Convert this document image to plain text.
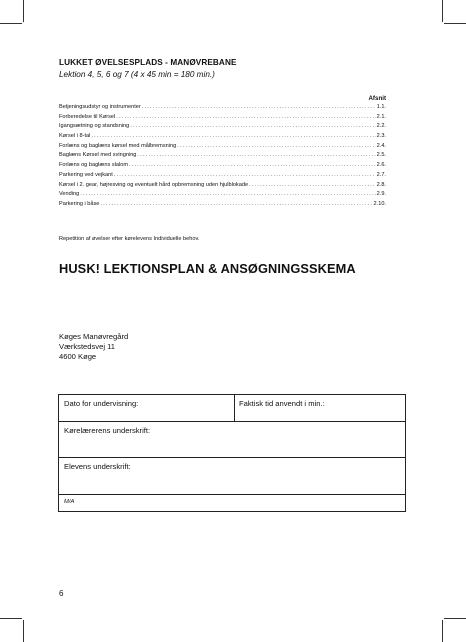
LUKKET ØVELSESPLADS - MANØVREBANE
Lektion 4, 5, 6 og 7 (4 x 45 min = 180 min.)
Afsnit
Betjeningsudstyr og instrumenter .....	1.1.
Forberedelse til Kørsel .....	2.1.
Igangsætning og standsning .....	2.2.
Kørsel i 8-tal .....	2.3.
Forlæns og baglæns kørsel med målbremsning .....	2.4.
Baglæns Kørsel med svingning .....	2.5.
Forlæns og baglæns slalom .....	2.6.
Parkering ved vejkant .....	2.7.
Kørsel i 2. gear, højresving og eventuelt hård opbremsning uden hjulblokade .....	2.8.
Vending .....	2.9.
Parkering i båse .....	2.10.
Repetition af øvelser efter kørelevens Individuelle behov.
HUSK! LEKTIONSPLAN & ANSØGNINGSSKEMA
Køges Manøvregård
Værkstedsvej 11
4600 Køge
Dato for undervisning:	Faktisk tid anvendt i min.:
Kørelærerens underskrift:
Elevens underskrift:
M/A
6
